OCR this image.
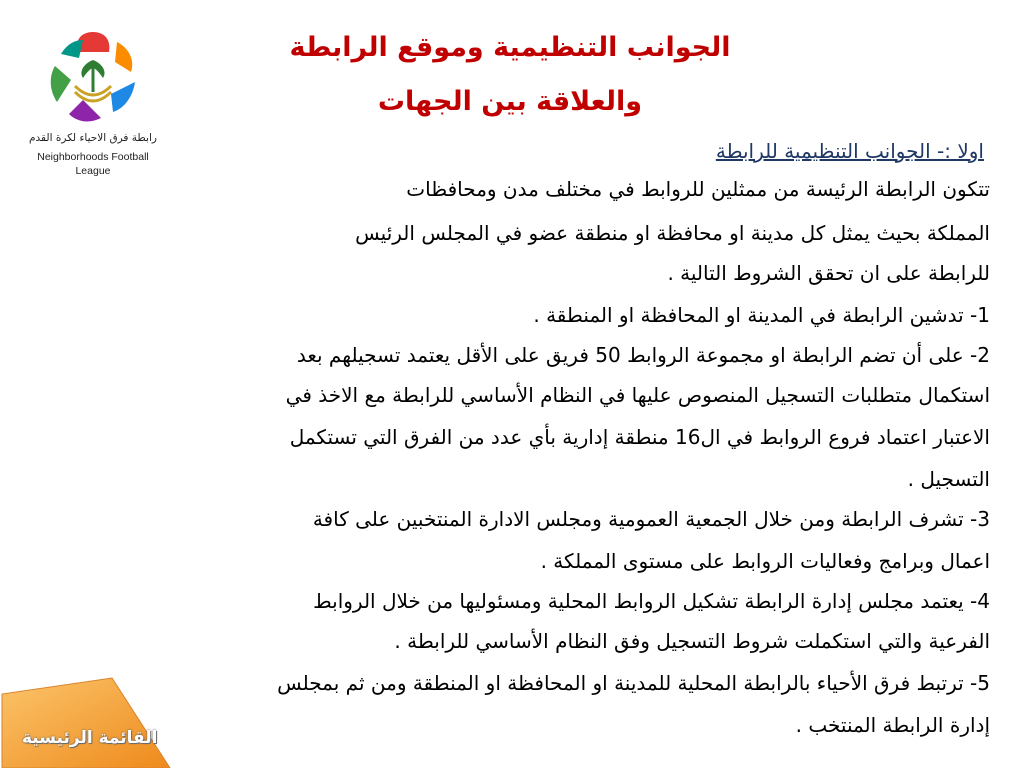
رابطة فرق الاحياء لكرة القدم
Neighborhoods Football
League
الجوانب التنظيمية وموقع الرابطة
والعلاقة بين الجهات
اولا :- الجوانب التنظيمية للرابطة
تتكون الرابطة الرئيسة من ممثلين للروابط في مختلف مدن ومحافظات
المملكة بحيث يمثل كل مدينة او محافظة او منطقة عضو في المجلس الرئيس
للرابطة على ان تحقق الشروط التالية .
1- تدشين الرابطة في المدينة او المحافظة او المنطقة .
2- على أن تضم الرابطة او مجموعة الروابط 50 فريق على الأقل يعتمد تسجيلهم بعد
استكمال متطلبات التسجيل المنصوص عليها في النظام الأساسي للرابطة مع الاخذ في
الاعتبار اعتماد فروع الروابط في ال16 منطقة إدارية بأي عدد من الفرق التي تستكمل
التسجيل .
3- تشرف الرابطة ومن خلال الجمعية العمومية ومجلس الادارة المنتخبين على كافة
اعمال وبرامج وفعاليات الروابط على مستوى المملكة .
4- يعتمد مجلس إدارة الرابطة تشكيل الروابط المحلية ومسئوليها من خلال الروابط
الفرعية والتي استكملت شروط التسجيل وفق النظام الأساسي للرابطة .
5- ترتبط فرق الأحياء بالرابطة المحلية للمدينة او المحافظة او المنطقة ومن ثم بمجلس
إدارة الرابطة المنتخب .
القائمة الرئيسية
